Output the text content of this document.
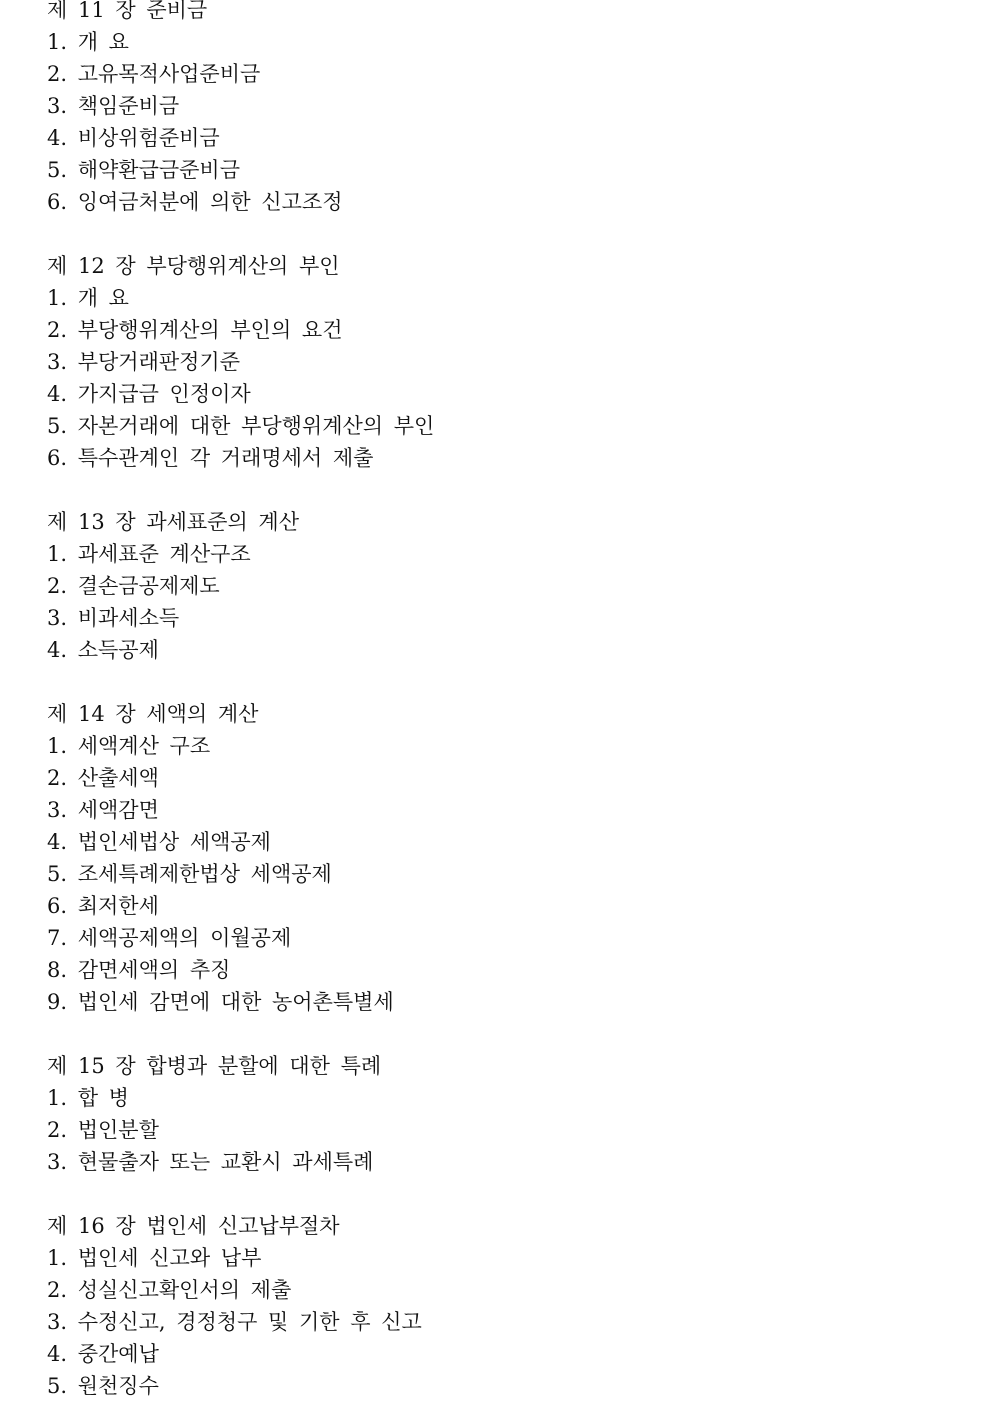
제 11 장 준비금
1. 개 요
2. 고유목적사업준비금
3. 책임준비금
4. 비상위험준비금
5. 해약환급금준비금
6. 잉여금처분에 의한 신고조정
제 12 장 부당행위계산의 부인
1. 개 요
2. 부당행위계산의 부인의 요건
3. 부당거래판정기준
4. 가지급금 인정이자
5. 자본거래에 대한 부당행위계산의 부인
6. 특수관계인 각 거래명세서 제출
제 13 장 과세표준의 계산
1. 과세표준 계산구조
2. 결손금공제제도
3. 비과세소득
4. 소득공제
제 14 장 세액의 계산
1. 세액계산 구조
2. 산출세액
3. 세액감면
4. 법인세법상 세액공제
5. 조세특례제한법상 세액공제
6. 최저한세
7. 세액공제액의 이월공제
8. 감면세액의 추징
9. 법인세 감면에 대한 농어촌특별세
제 15 장 합병과 분할에 대한 특례
1. 합 병
2. 법인분할
3. 현물출자 또는 교환시 과세특례
제 16 장 법인세 신고납부절차
1. 법인세 신고와 납부
2. 성실신고확인서의 제출
3. 수정신고, 경정청구 및 기한 후 신고
4. 중간예납
5. 원천징수
